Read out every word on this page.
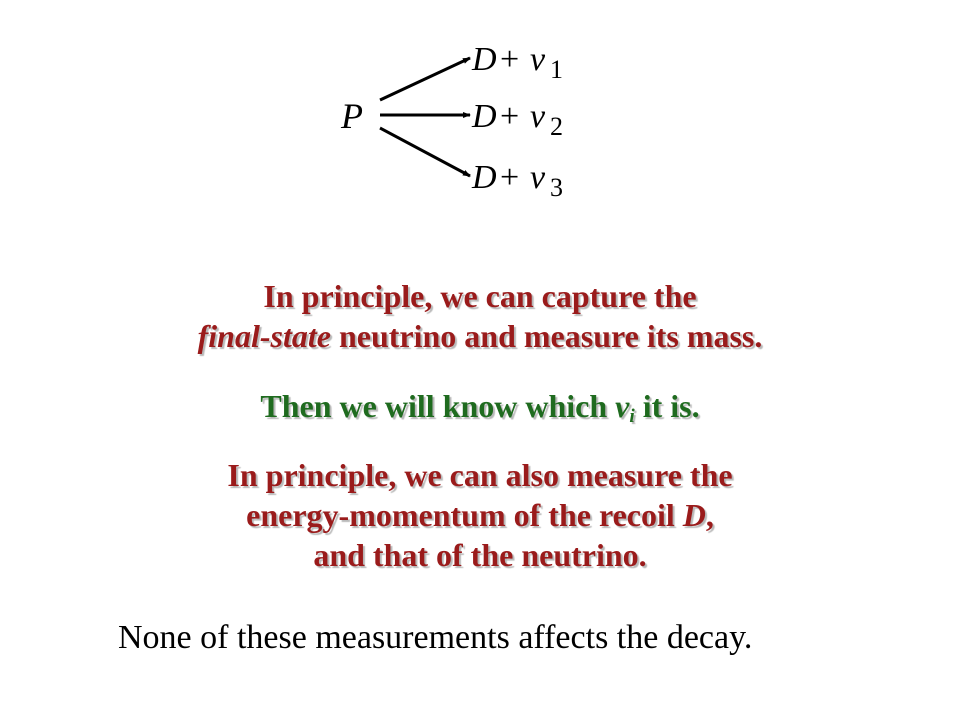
P
D + ν 1
D + ν 2
D + ν 3
In principle, we can capture the
final-state neutrino and measure its mass.
Then we will know which $\nu_i$ it is.
In principle, we can also measure the
energy-momentum of the recoil D,
and that of the neutrino.
None of these measurements affects the decay.
